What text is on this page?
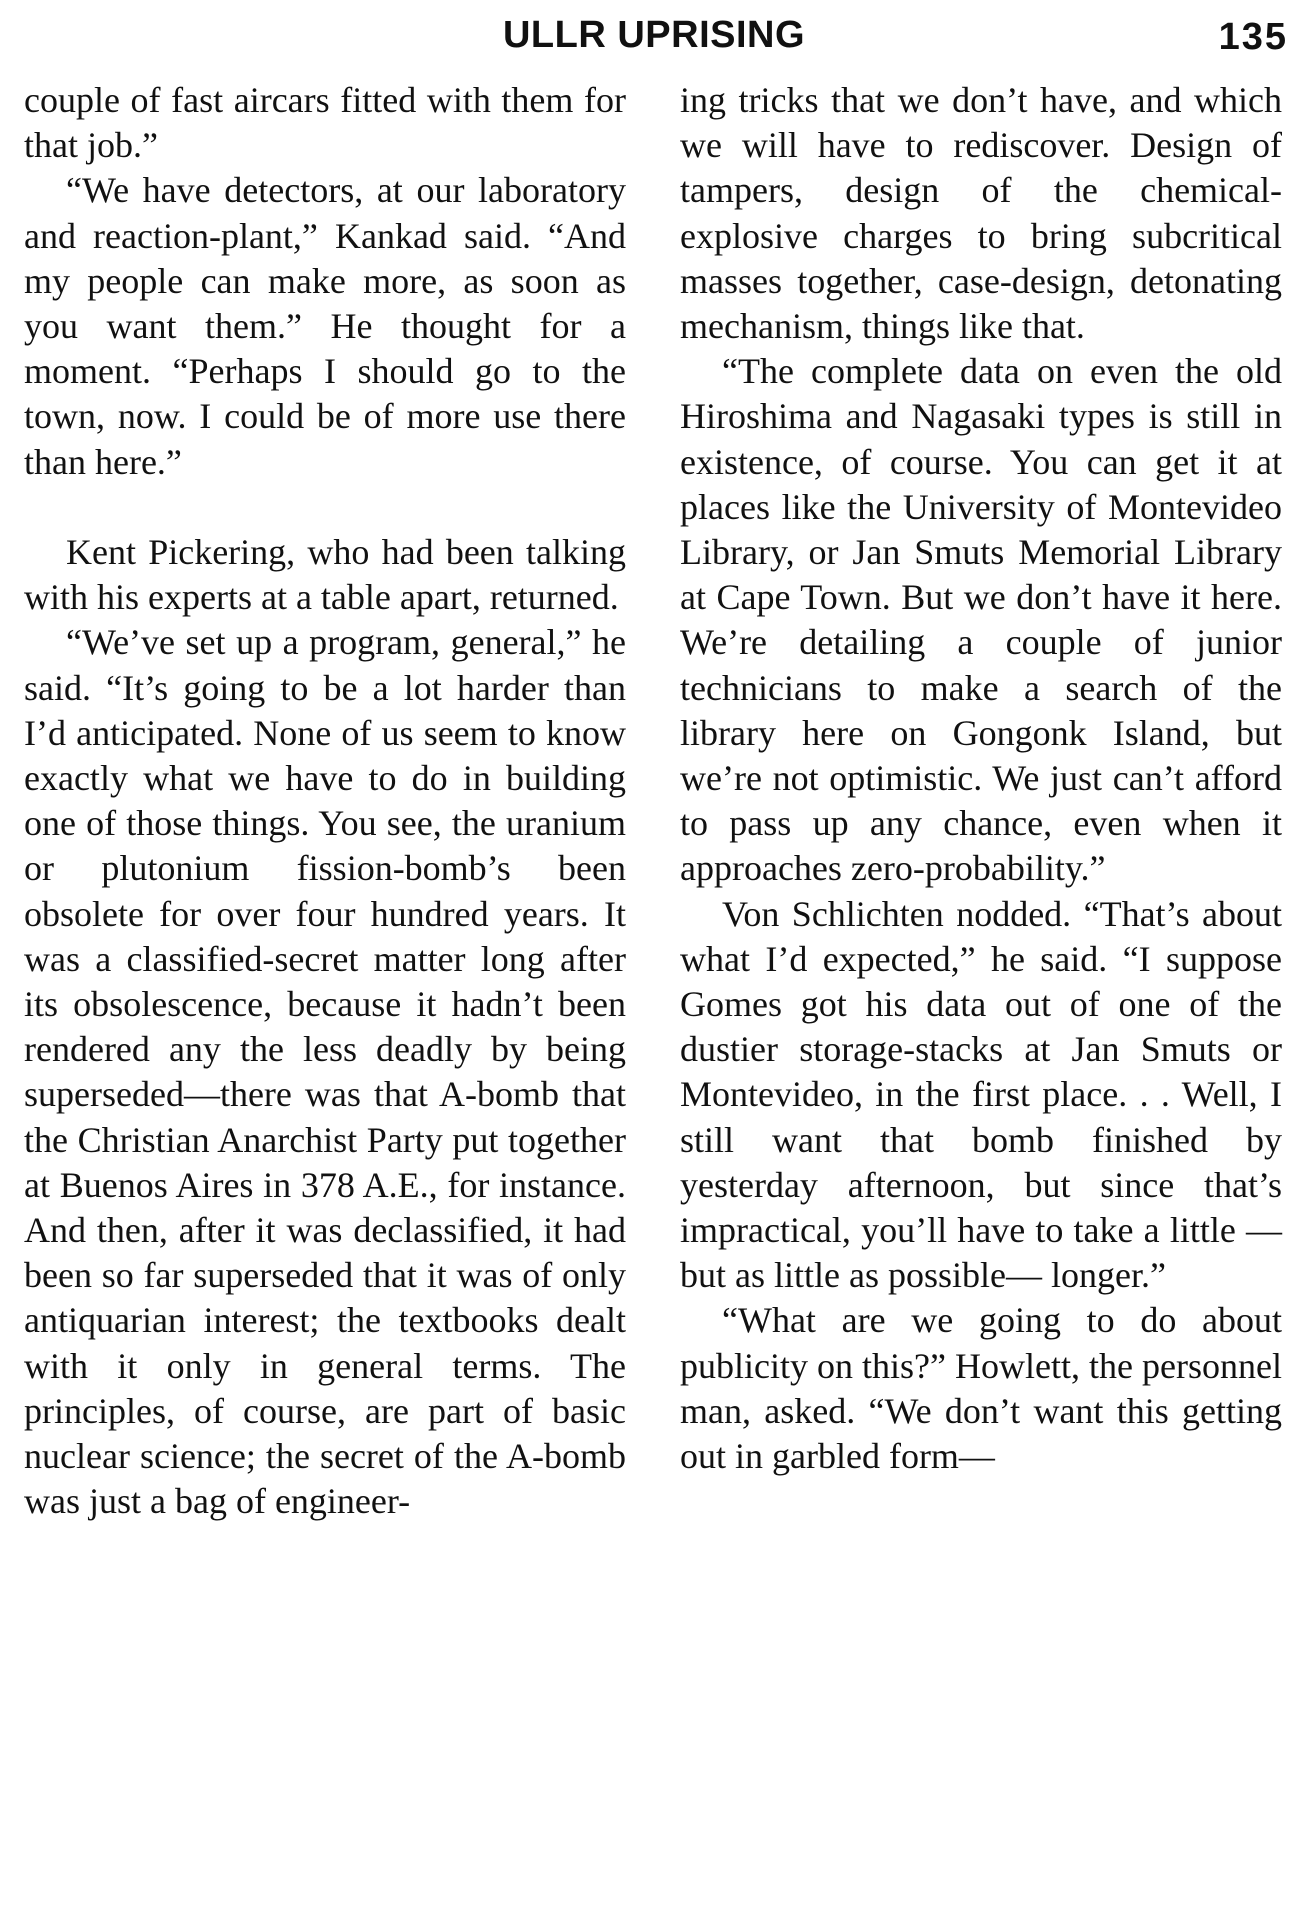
ULLR UPRISING	135

couple of fast aircars fitted with them for that job.”

“We have detectors, at our laboratory and reaction-plant,” Kankad said. “And my people can make more, as soon as you want them.” He thought for a moment. “Perhaps I should go to the town, now. I could be of more use there than here.”

Kent Pickering, who had been talking with his experts at a table apart, returned.

“We’ve set up a program, general,” he said. “It’s going to be a lot harder than I’d anticipated. None of us seem to know exactly what we have to do in building one of those things. You see, the uranium or plutonium fission-bomb’s been obsolete for over four hundred years. It was a classified-secret matter long after its obsolescence, because it hadn’t been rendered any the less deadly by being superseded—there was that A-bomb that the Christian Anarchist Party put together at Buenos Aires in 378 A.E., for instance. And then, after it was declassified, it had been so far superseded that it was of only antiquarian interest; the textbooks dealt with it only in general terms. The principles, of course, are part of basic nuclear science; the secret of the A-bomb was just a bag of engineer-

ing tricks that we don’t have, and which we will have to rediscover. Design of tampers, design of the chemical-explosive charges to bring subcritical masses together, case-design, detonating mechanism, things like that.

“The complete data on even the old Hiroshima and Nagasaki types is still in existence, of course. You can get it at places like the University of Montevideo Library, or Jan Smuts Memorial Library at Cape Town. But we don’t have it here. We’re detailing a couple of junior technicians to make a search of the library here on Gongonk Island, but we’re not optimistic. We just can’t afford to pass up any chance, even when it approaches zero-probability.”

Von Schlichten nodded. “That’s about what I’d expected,” he said. “I suppose Gomes got his data out of one of the dustier storage-stacks at Jan Smuts or Montevideo, in the first place. . . Well, I still want that bomb finished by yesterday afternoon, but since that’s impractical, you’ll have to take a little —but as little as possible— longer.”

“What are we going to do about publicity on this?” Howlett, the personnel man, asked. “We don’t want this getting out in garbled form—
